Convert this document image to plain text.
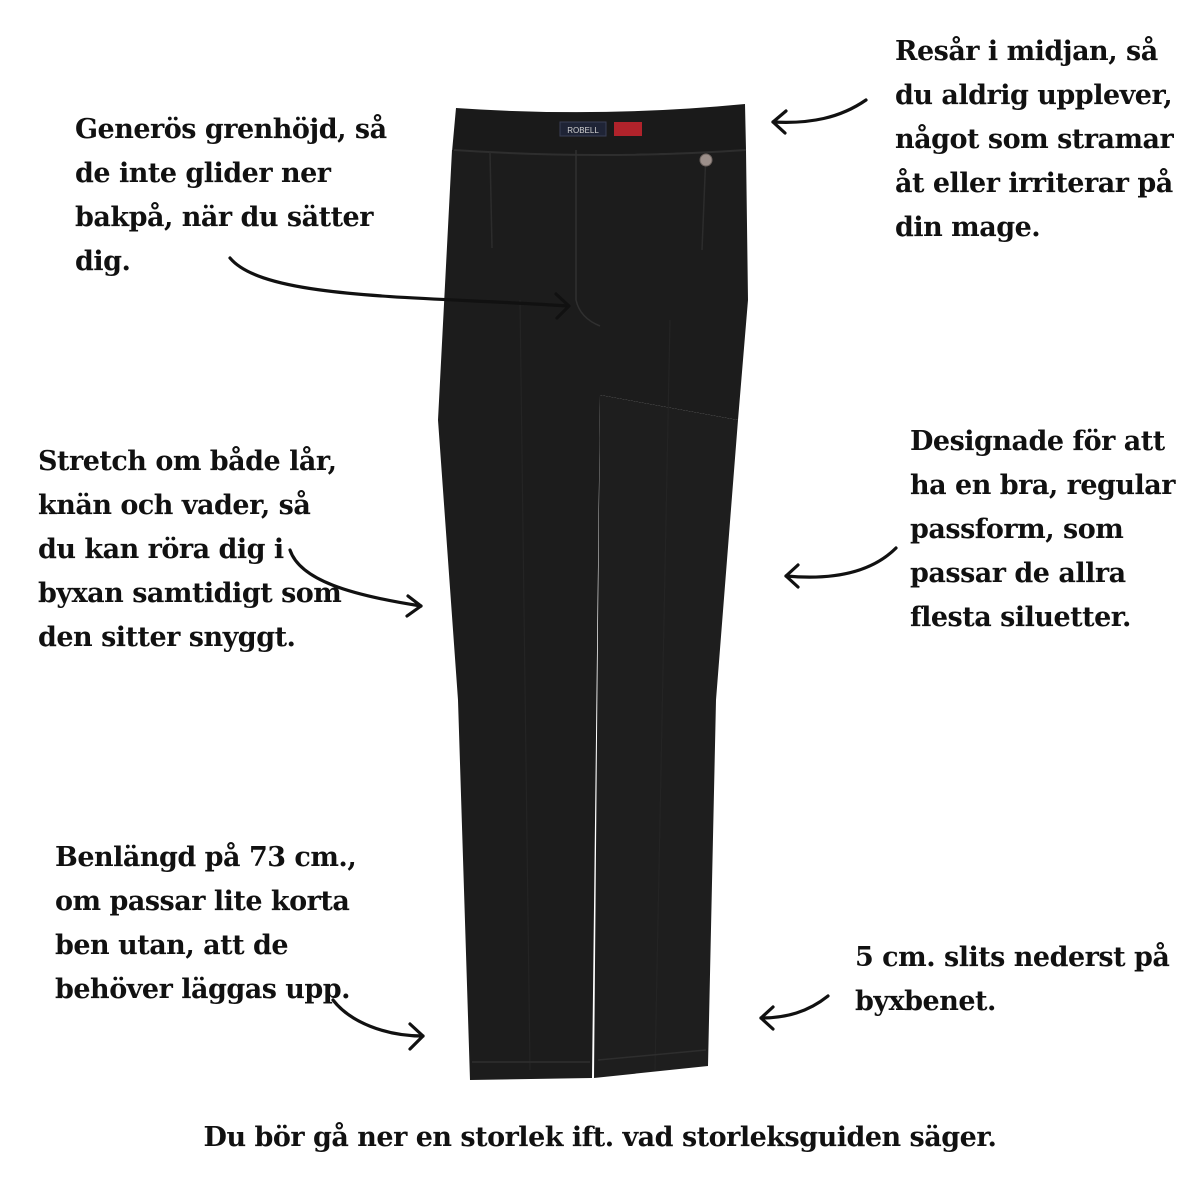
ROBELL
Generös grenhöjd, så
de inte glider ner
bakpå, när du sätter
dig.
Resår i midjan, så
du aldrig upplever,
något som stramar
åt eller irriterar på
din mage.
Stretch om både lår,
knän och vader, så
du kan röra dig i
byxan samtidigt som
den sitter snyggt.
Designade för att
ha en bra, regular
passform, som
passar de allra
flesta siluetter.
Benlängd på 73 cm.,
om passar lite korta
ben utan, att de
behöver läggas upp.
5 cm. slits nederst på
byxbenet.
Du bör gå ner en storlek ift. vad storleksguiden säger.
